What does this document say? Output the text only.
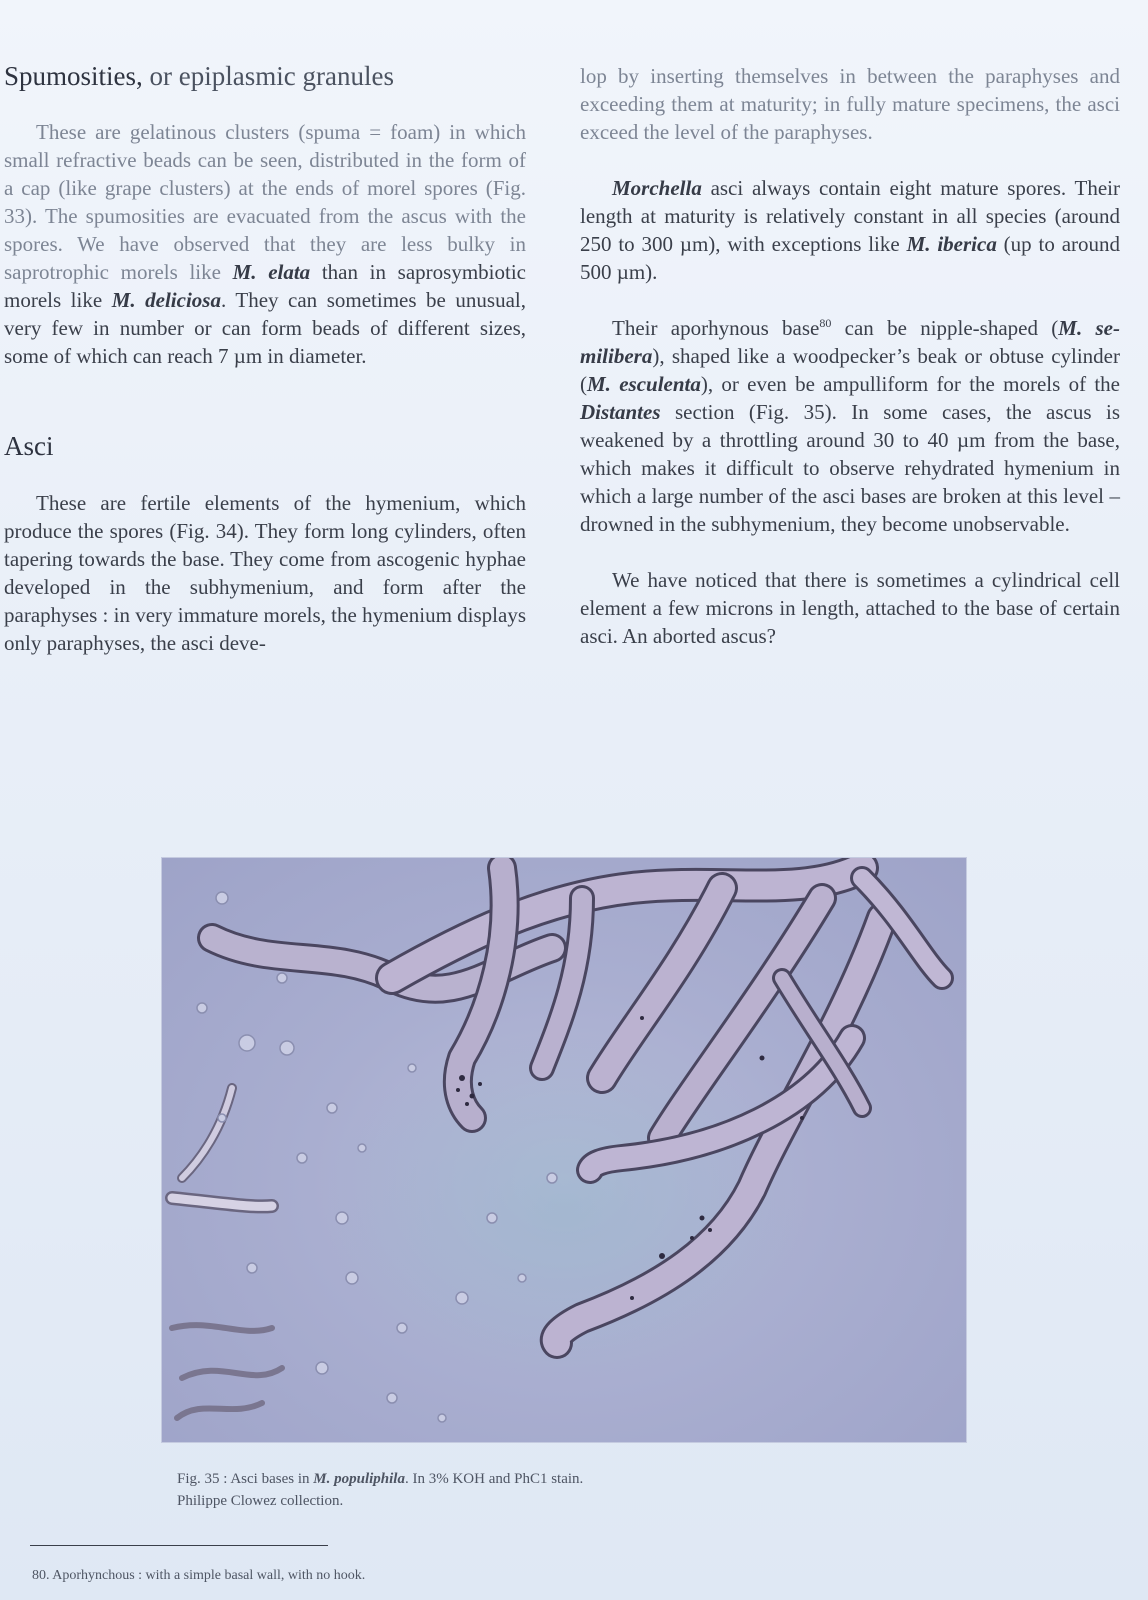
Spumosities, or epiplasmic granules

These are gelatinous clusters (spuma = foam) in which small refractive beads can be seen, distributed in the form of a cap (like grape clusters) at the ends of morel spores (Fig. 33). The spumosities are evacuated from the ascus with the spores. We have observed that they are less bulky in saprotrophic morels like M. elata than in saprosymbiotic morels like M. deliciosa. They can sometimes be unusual, very few in number or can form beads of different sizes, some of which can reach 7 µm in diameter.

Asci

These are fertile elements of the hymenium, which produce the spores (Fig. 34). They form long cylinders, often tapering towards the base. They come from ascogenic hyphae developed in the subhymenium, and form after the paraphyses : in very immature morels, the hymenium displays only paraphyses, the asci deve-

lop by inserting themselves in between the paraphyses and exceeding them at maturity; in fully mature specimens, the asci exceed the level of the paraphyses.

Morchella asci always contain eight mature spores. Their length at maturity is relatively constant in all species (around 250 to 300 µm), with exceptions like M. iberica (up to around 500 µm).

Their aporhynous base$^{80}$ can be nipple-shaped (M. semilibera), shaped like a woodpecker’s beak or obtuse cylinder (M. esculenta), or even be ampulliform for the morels of the Distantes section (Fig. 35). In some cases, the ascus is weakened by a throttling around 30 to 40 µm from the base, which makes it difficult to observe rehydrated hymenium in which a large number of the asci bases are broken at this level – drowned in the subhymenium, they become unobservable.

We have noticed that there is sometimes a cylindrical cell element a few microns in length, attached to the base of certain asci. An aborted ascus?

Fig. 35 : Asci bases in M. populiphila. In 3% KOH and PhC1 stain.
Philippe Clowez collection.
80. Aporhynchous : with a simple basal wall, with no hook.
